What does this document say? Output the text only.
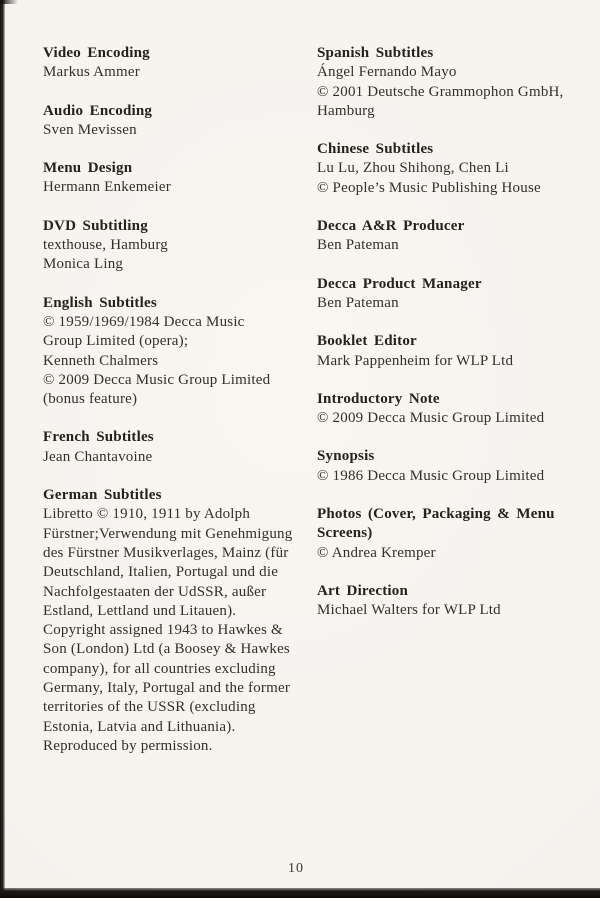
Video Encoding
Markus Ammer
Audio Encoding
Sven Mevissen
Menu Design
Hermann Enkemeier
DVD Subtitling
texthouse, Hamburg
Monica Ling
English Subtitles
© 1959/1969/1984 Decca Music
Group Limited (opera);
Kenneth Chalmers
© 2009 Decca Music Group Limited
(bonus feature)
French Subtitles
Jean Chantavoine
German Subtitles
Libretto © 1910, 1911 by Adolph
Fürstner;Verwendung mit Genehmigung
des Fürstner Musikverlages, Mainz (für
Deutschland, Italien, Portugal und die
Nachfolgestaaten der UdSSR, außer
Estland, Lettland und Litauen).
Copyright assigned 1943 to Hawkes &
Son (London) Ltd (a Boosey & Hawkes
company), for all countries excluding
Germany, Italy, Portugal and the former
territories of the USSR (excluding
Estonia, Latvia and Lithuania).
Reproduced by permission.
Spanish Subtitles
Ángel Fernando Mayo
© 2001 Deutsche Grammophon GmbH,
Hamburg
Chinese Subtitles
Lu Lu, Zhou Shihong, Chen Li
© People’s Music Publishing House
Decca A&R Producer
Ben Pateman
Decca Product Manager
Ben Pateman
Booklet Editor
Mark Pappenheim for WLP Ltd
Introductory Note
© 2009 Decca Music Group Limited
Synopsis
© 1986 Decca Music Group Limited
Photos (Cover, Packaging & Menu
Screens)
© Andrea Kremper
Art Direction
Michael Walters for WLP Ltd
10
